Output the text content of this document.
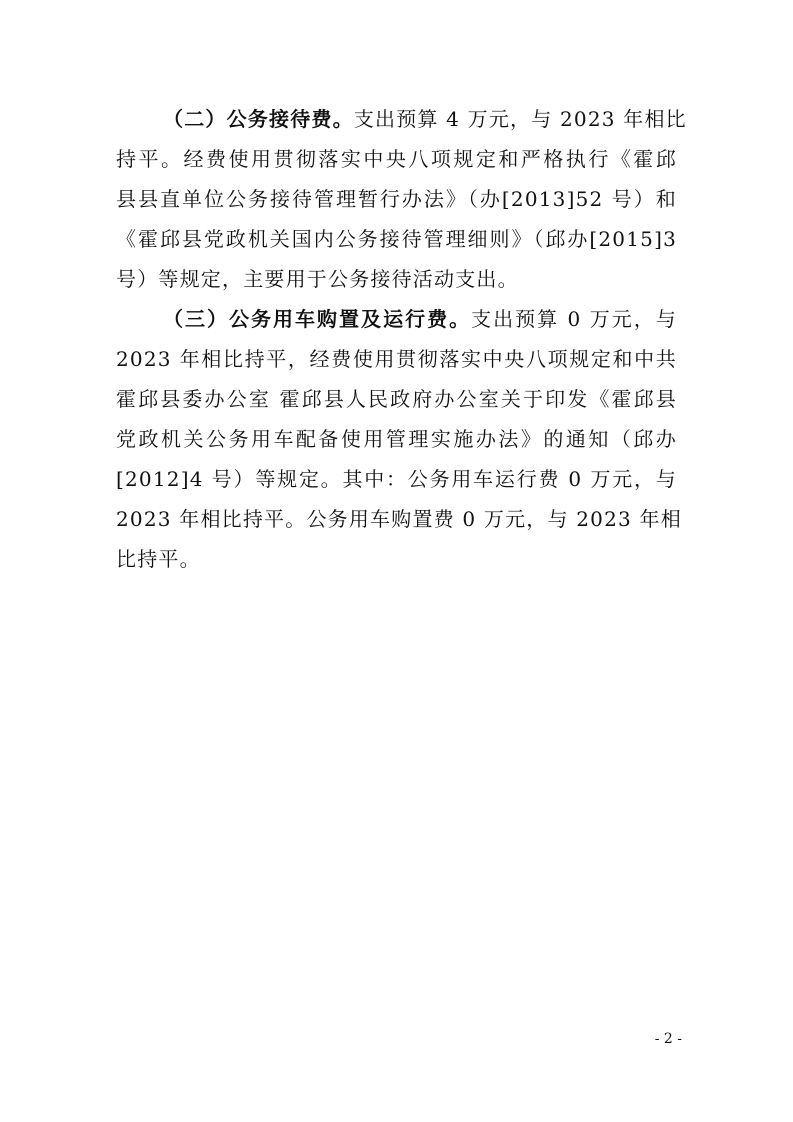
（二）公务接待费。支出预算 4 万元，与 2023 年相比
持平。经费使用贯彻落实中央八项规定和严格执行《霍邱
县县直单位公务接待管理暂行办法》（办[2013]52 号）和
《霍邱县党政机关国内公务接待管理细则》（邱办[2015]3
号）等规定，主要用于公务接待活动支出。
（三）公务用车购置及运行费。支出预算 0 万元，与
2023 年相比持平，经费使用贯彻落实中央八项规定和中共
霍邱县委办公室 霍邱县人民政府办公室关于印发《霍邱县
党政机关公务用车配备使用管理实施办法》的通知（邱办
[2012]4 号）等规定。其中：公务用车运行费 0 万元，与
2023 年相比持平。公务用车购置费 0 万元，与 2023 年相
比持平。
- 2 -
